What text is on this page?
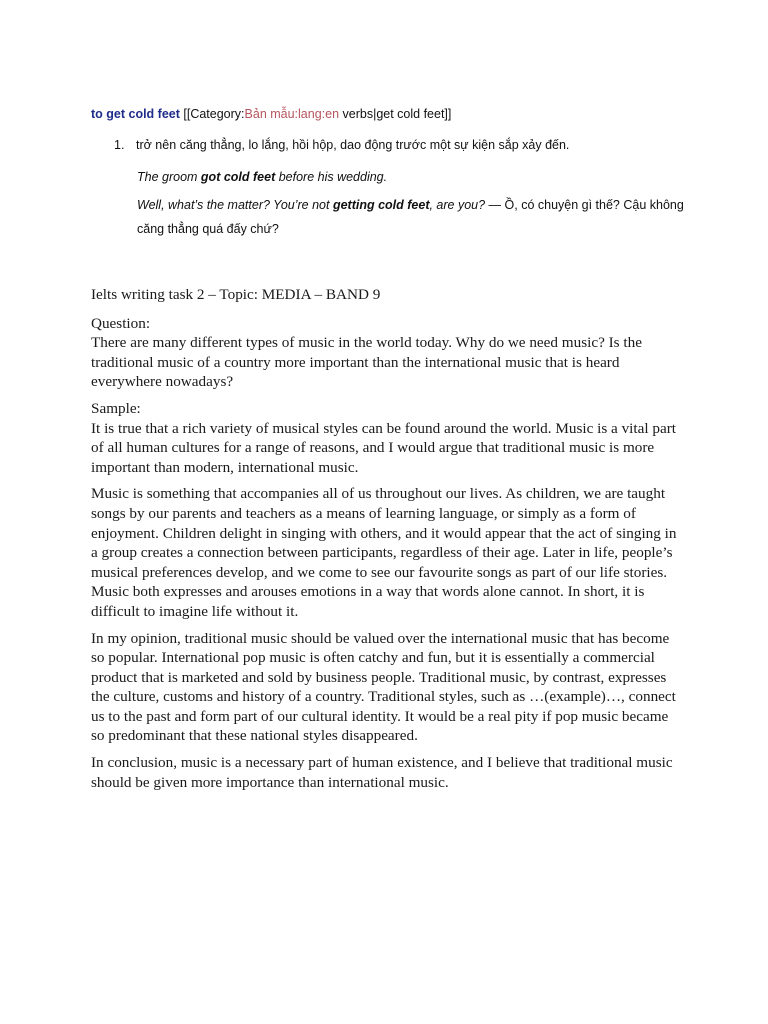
to get cold feet [[Category:Bản mẫu:lang:en verbs|get cold feet]]
1. trở nên căng thẳng, lo lắng, hồi hộp, dao động trước một sự kiện sắp xảy đến.
The groom got cold feet before his wedding.
Well, what’s the matter? You’re not getting cold feet, are you? — Ồ, có chuyện gì thế? Cậu không căng thẳng quá đấy chứ?

Ielts writing task 2 – Topic: MEDIA – BAND 9

Question:

There are many different types of music in the world today. Why do we need music? Is the traditional music of a country more important than the international music that is heard everywhere nowadays?

Sample:

It is true that a rich variety of musical styles can be found around the world. Music is a vital part of all human cultures for a range of reasons, and I would argue that traditional music is more important than modern, international music.

Music is something that accompanies all of us throughout our lives. As children, we are taught songs by our parents and teachers as a means of learning language, or simply as a form of enjoyment. Children delight in singing with others, and it would appear that the act of singing in a group creates a connection between participants, regardless of their age. Later in life, people’s musical preferences develop, and we come to see our favourite songs as part of our life stories. Music both expresses and arouses emotions in a way that words alone cannot. In short, it is difficult to imagine life without it.

In my opinion, traditional music should be valued over the international music that has become so popular. International pop music is often catchy and fun, but it is essentially a commercial product that is marketed and sold by business people. Traditional music, by contrast, expresses the culture, customs and history of a country. Traditional styles, such as …(example)…, connect us to the past and form part of our cultural identity. It would be a real pity if pop music became so predominant that these national styles disappeared.

In conclusion, music is a necessary part of human existence, and I believe that traditional music should be given more importance than international music.
